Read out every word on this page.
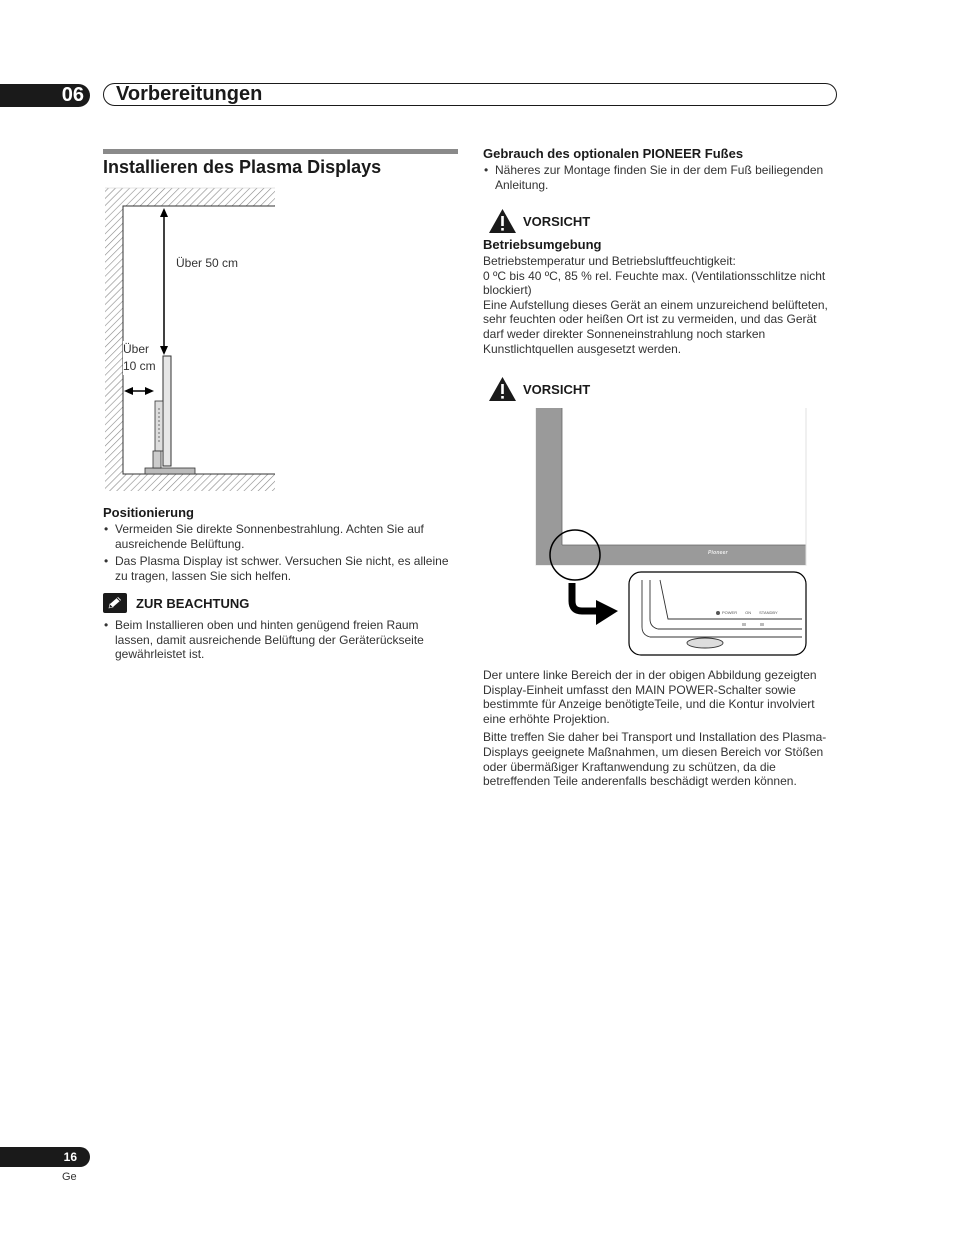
06 Vorbereitungen
Installieren des Plasma Displays
Über 50 cm
Über
10 cm
Positionierung
• Vermeiden Sie direkte Sonnenbestrahlung. Achten Sie auf ausreichende Belüftung.
• Das Plasma Display ist schwer. Versuchen Sie nicht, es alleine zu tragen, lassen Sie sich helfen.
ZUR BEACHTUNG
• Beim Installieren oben und hinten genügend freien Raum lassen, damit ausreichende Belüftung der Geräterückseite gewährleistet ist.
Gebrauch des optionalen PIONEER Fußes
• Näheres zur Montage finden Sie in der dem Fuß beiliegenden Anleitung.
VORSICHT
Betriebsumgebung
Betriebstemperatur und Betriebsluftfeuchtigkeit:
0 ºC bis 40 ºC, 85 % rel. Feuchte max. (Ventilationsschlitze nicht blockiert)
Eine Aufstellung dieses Gerät an einem unzureichend belüfteten, sehr feuchten oder heißen Ort ist zu vermeiden, und das Gerät darf weder direkter Sonneneinstrahlung noch starken Kunstlichtquellen ausgesetzt werden.
VORSICHT
Pioneer
POWER ON STANDBY

Der untere linke Bereich der in der obigen Abbildung gezeigten Display-Einheit umfasst den MAIN POWER-Schalter sowie bestimmte für Anzeige benötigteTeile, und die Kontur involviert eine erhöhte Projektion.

Bitte treffen Sie daher bei Transport und Installation des Plasma-Displays geeignete Maßnahmen, um diesen Bereich vor Stößen oder übermäßiger Kraftanwendung zu schützen, da die betreffenden Teile anderenfalls beschädigt werden können.

16
Ge
